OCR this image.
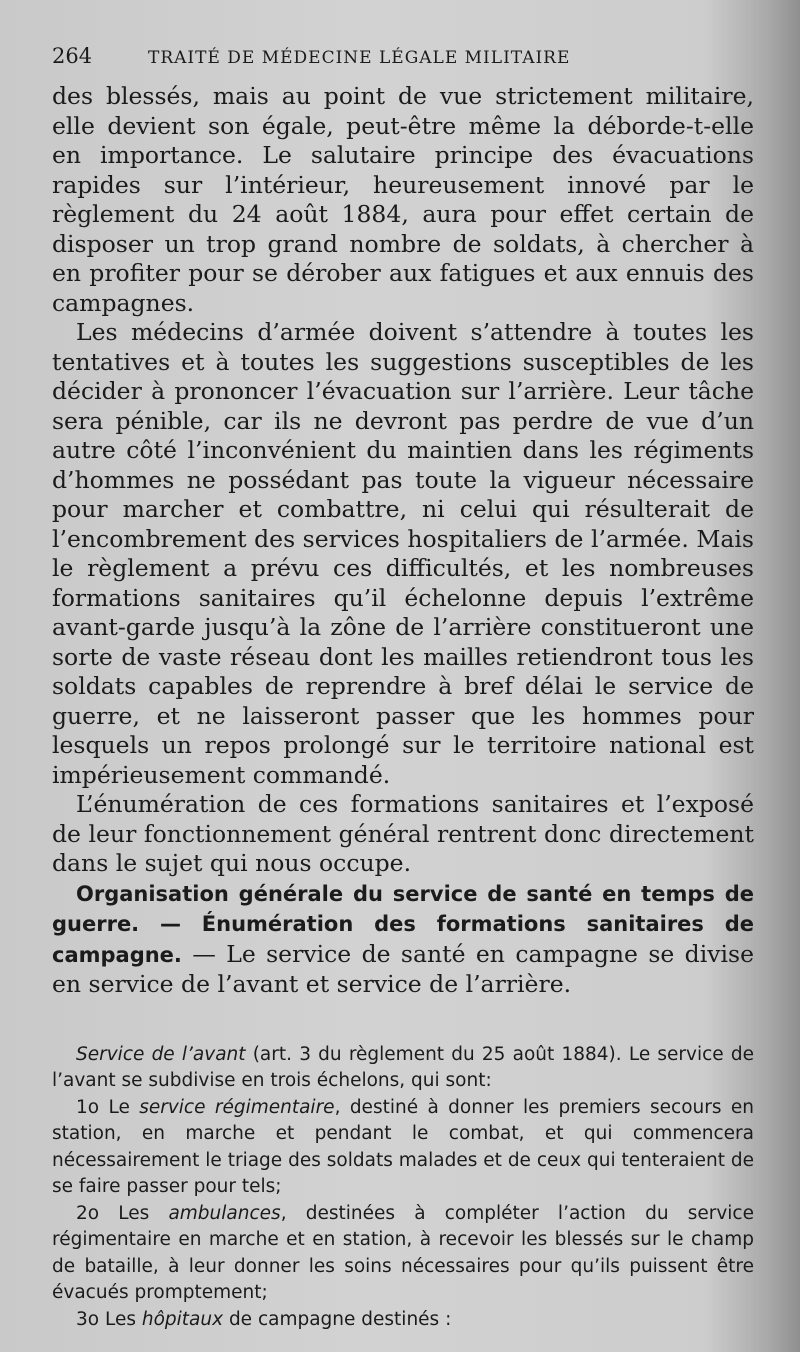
264	TRAITÉ DE MÉDECINE LÉGALE MILITAIRE

des blessés, mais au point de vue strictement militaire, elle devient son égale, peut-être même la déborde-t-elle en importance. Le salutaire principe des évacuations rapides sur l’intérieur, heureusement innové par le règlement du 24 août 1884, aura pour effet certain de disposer un trop grand nombre de soldats, à chercher à en profiter pour se dérober aux fatigues et aux ennuis des campagnes.

Les médecins d’armée doivent s’attendre à toutes les tentatives et à toutes les suggestions susceptibles de les décider à prononcer l’évacuation sur l’arrière. Leur tâche sera pénible, car ils ne devront pas perdre de vue d’un autre côté l’inconvénient du maintien dans les régiments d’hommes ne possédant pas toute la vigueur nécessaire pour marcher et combattre, ni celui qui résulterait de l’encombrement des services hospitaliers de l’armée. Mais le règlement a prévu ces difficultés, et les nombreuses formations sanitaires qu’il échelonne depuis l’extrême avant-garde jusqu’à la zône de l’arrière constitueront une sorte de vaste réseau dont les mailles retiendront tous les soldats capables de reprendre à bref délai le service de guerre, et ne laisseront passer que les hommes pour lesquels un repos prolongé sur le territoire national est impérieusement commandé.

L’énumération de ces formations sanitaires et l’exposé de leur fonctionnement général rentrent donc directement dans le sujet qui nous occupe.

Organisation générale du service de santé en temps de guerre. — Énumération des formations sanitaires de campagne. — Le service de santé en campagne se divise en service de l’avant et service de l’arrière.

Service de l’avant (art. 3 du règlement du 25 août 1884). Le service de l’avant se subdivise en trois échelons, qui sont:

1o Le service régimentaire, destiné à donner les premiers secours en station, en marche et pendant le combat, et qui commencera nécessairement le triage des soldats malades et de ceux qui tenteraient de se faire passer pour tels;

2o Les ambulances, destinées à compléter l’action du service régimentaire en marche et en station, à recevoir les blessés sur le champ de bataille, à leur donner les soins nécessaires pour qu’ils puissent être évacués promptement;

3o Les hôpitaux de campagne destinés :
